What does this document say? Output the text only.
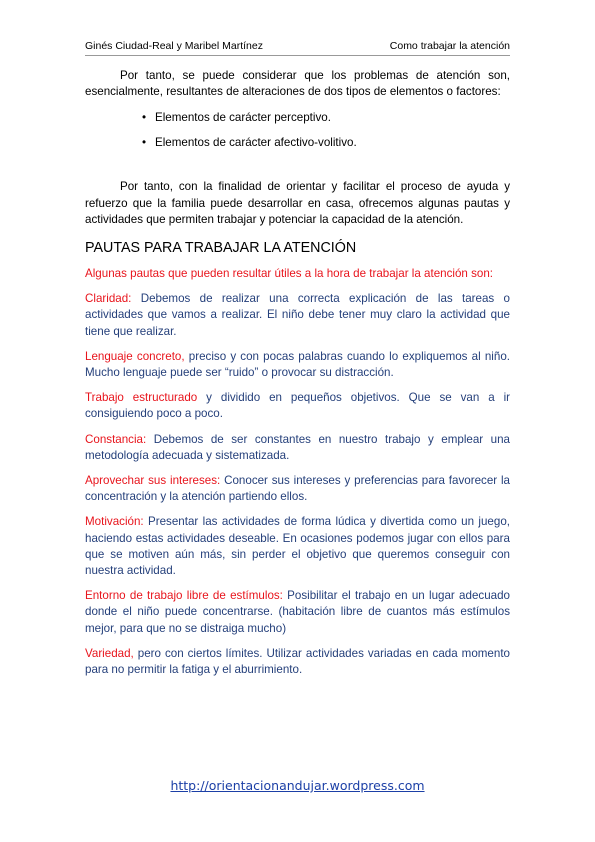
Ginés Ciudad-Real y Maribel Martínez	Como trabajar la atención

Por tanto, se puede considerar que los problemas de atención son, esencialmente, resultantes de alteraciones de dos tipos de elementos o factores:

• Elementos de carácter perceptivo.
• Elementos de carácter afectivo-volitivo.

Por tanto, con la finalidad de orientar y facilitar el proceso de ayuda y refuerzo que la familia puede desarrollar en casa, ofrecemos algunas pautas y actividades que permiten trabajar y potenciar la capacidad de la atención.

PAUTAS PARA TRABAJAR LA ATENCIÓN

Algunas pautas que pueden resultar útiles a la hora de trabajar la atención son:

Claridad: Debemos de realizar una correcta explicación de las tareas o actividades que vamos a realizar. El niño debe tener muy claro la actividad que tiene que realizar.

Lenguaje concreto, preciso y con pocas palabras cuando lo expliquemos al niño. Mucho lenguaje puede ser “ruido” o provocar su distracción.

Trabajo estructurado y dividido en pequeños objetivos. Que se van a ir consiguiendo poco a poco.

Constancia: Debemos de ser constantes en nuestro trabajo y emplear una metodología adecuada y sistematizada.

Aprovechar sus intereses: Conocer sus intereses y preferencias para favorecer la concentración y la atención partiendo ellos.

Motivación: Presentar las actividades de forma lúdica y divertida como un juego, haciendo estas actividades deseable. En ocasiones podemos jugar con ellos para que se motiven aún más, sin perder el objetivo que queremos conseguir con nuestra actividad.

Entorno de trabajo libre de estímulos: Posibilitar el trabajo en un lugar adecuado donde el niño puede concentrarse. (habitación libre de cuantos más estímulos mejor, para que no se distraiga mucho)

Variedad, pero con ciertos límites. Utilizar actividades variadas en cada momento para no permitir la fatiga y el aburrimiento.

http://orientacionandujar.wordpress.com
